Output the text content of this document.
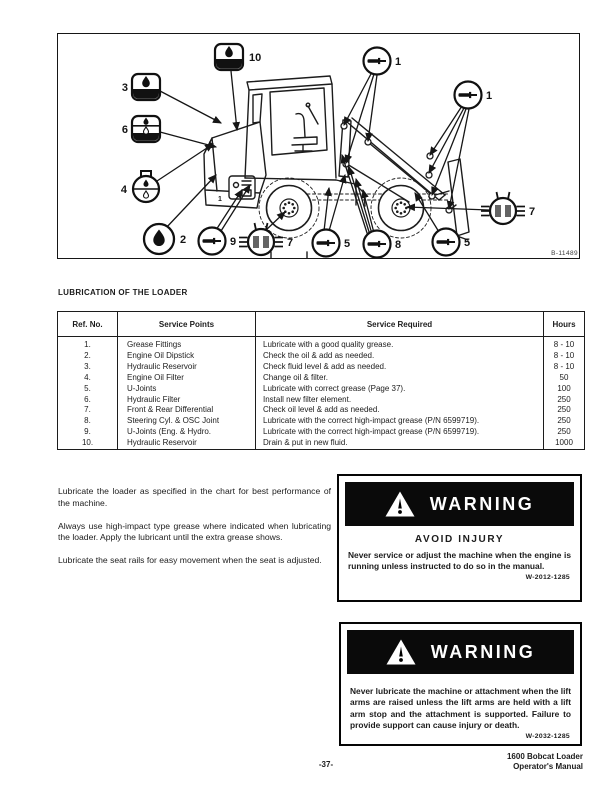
1
3
6
4
2
10
9	7	5	8	5
7
1
1
B-11489
LUBRICATION OF THE LOADER
Ref. No.	Service Points	Service Required	Hours
1.	Grease Fittings	Lubricate with a good quality grease.	8 - 10
2.	Engine Oil Dipstick	Check the oil & add as needed.	8 - 10
3.	Hydraulic Reservoir	Check fluid level & add as needed.	8 - 10
4.	Engine Oil Filter	Change oil & filter.	50
5.	U-Joints	Lubricate with correct grease (Page 37).	100
6.	Hydraulic Filter	Install new filter element.	250
7.	Front & Rear Differential	Check oil level & add as needed.	250
8.	Steering Cyl. & OSC Joint	Lubricate with the correct high-impact grease (P/N 6599719).	250
9.	U-Joints (Eng. & Hydro.	Lubricate with the correct high-impact grease (P/N 6599719).	250
10.	Hydraulic Reservoir	Drain & put in new fluid.	1000

Lubricate the loader as specified in the chart for best performance of the machine.

Always use high-impact type grease where indicated when lubricating the loader. Apply the lubricant until the extra grease shows.

Lubricate the seat rails for easy movement when the seat is adjusted.

WARNING
AVOID INJURY
Never service or adjust the machine when the engine is running unless instructed to do so in the manual.
W-2012-1285
WARNING
Never lubricate the machine or attachment when the lift arms are raised unless the lift arms are held with a lift arm stop and the attachment is supported. Failure to provide support can cause injury or death.
W-2032-1285
-37-
1600 Bobcat Loader
Operator's Manual
